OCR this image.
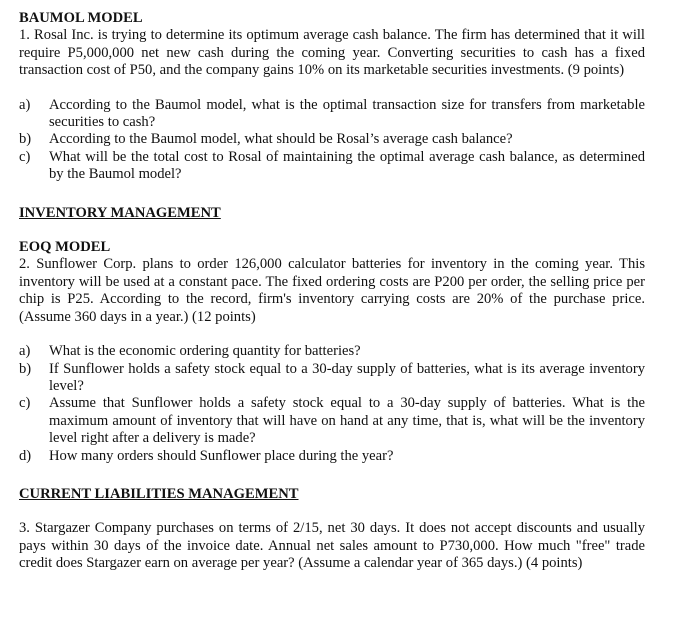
BAUMOL MODEL

1. Rosal Inc. is trying to determine its optimum average cash balance. The firm has determined that it will require P5,000,000 net new cash during the coming year. Converting securities to cash has a fixed transaction cost of P50, and the company gains 10% on its marketable securities investments. (9 points)

a)	According to the Baumol model, what is the optimal transaction size for transfers from marketable securities to cash?
b)	According to the Baumol model, what should be Rosal’s average cash balance?
c)	What will be the total cost to Rosal of maintaining the optimal average cash balance, as determined by the Baumol model?

INVENTORY MANAGEMENT

EOQ MODEL

2. Sunflower Corp. plans to order 126,000 calculator batteries for inventory in the coming year. This inventory will be used at a constant pace. The fixed ordering costs are P200 per order, the selling price per chip is P25. According to the record, firm's inventory carrying costs are 20% of the purchase price. (Assume 360 days in a year.) (12 points)

a)	What is the economic ordering quantity for batteries?
b)	If Sunflower holds a safety stock equal to a 30-day supply of batteries, what is its average inventory level?
c)	Assume that Sunflower holds a safety stock equal to a 30-day supply of batteries. What is the maximum amount of inventory that will have on hand at any time, that is, what will be the inventory level right after a delivery is made?
d)	How many orders should Sunflower place during the year?

CURRENT LIABILITIES MANAGEMENT

3. Stargazer Company purchases on terms of 2/15, net 30 days. It does not accept discounts and usually pays within 30 days of the invoice date. Annual net sales amount to P730,000. How much "free" trade credit does Stargazer earn on average per year? (Assume a calendar year of 365 days.) (4 points)
